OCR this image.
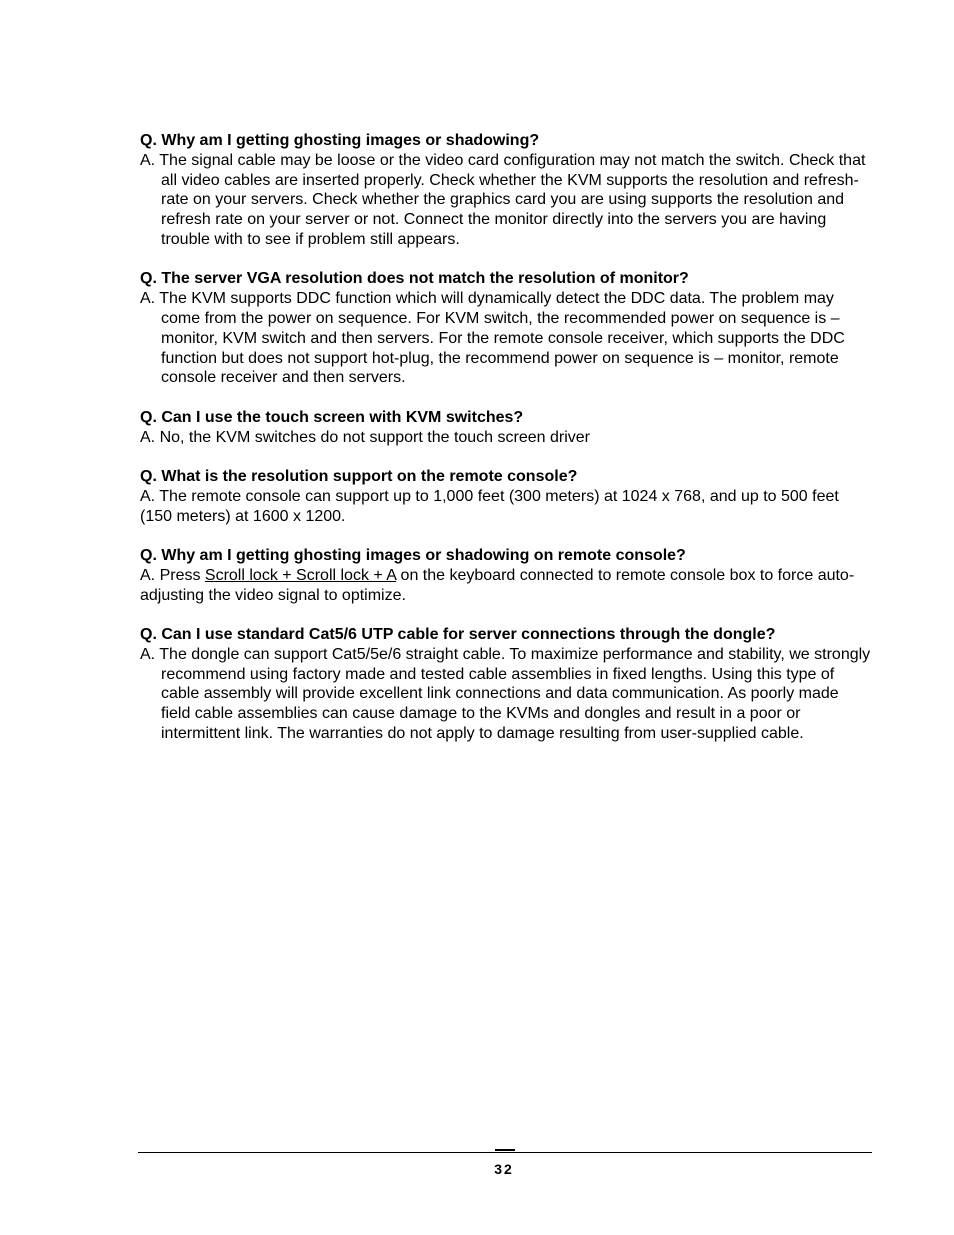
Q. Why am I getting ghosting images or shadowing?

A. The signal cable may be loose or the video card configuration may not match the switch. Check that all video cables are inserted properly. Check whether the KVM supports the resolution and refresh-rate on your servers. Check whether the graphics card you are using supports the resolution and refresh rate on your server or not. Connect the monitor directly into the servers you are having trouble with to see if problem still appears.

Q. The server VGA resolution does not match the resolution of monitor?

A. The KVM supports DDC function which will dynamically detect the DDC data. The problem may come from the power on sequence. For KVM switch, the recommended power on sequence is – monitor, KVM switch and then servers. For the remote console receiver, which supports the DDC function but does not support hot-plug, the recommend power on sequence is – monitor, remote console receiver and then servers.

Q. Can I use the touch screen with KVM switches?

A. No, the KVM switches do not support the touch screen driver

Q. What is the resolution support on the remote console?

A. The remote console can support up to 1,000 feet (300 meters) at 1024 x 768, and up to 500 feet (150 meters) at 1600 x 1200.

Q. Why am I getting ghosting images or shadowing on remote console?

A. Press Scroll lock + Scroll lock + A on the keyboard connected to remote console box to force auto-adjusting the video signal to optimize.

Q. Can I use standard Cat5/6 UTP cable for server connections through the dongle?

A. The dongle can support Cat5/5e/6 straight cable. To maximize performance and stability, we strongly recommend using factory made and tested cable assemblies in fixed lengths. Using this type of cable assembly will provide excellent link connections and data communication. As poorly made field cable assemblies can cause damage to the KVMs and dongles and result in a poor or intermittent link. The warranties do not apply to damage resulting from user-supplied cable.

32
